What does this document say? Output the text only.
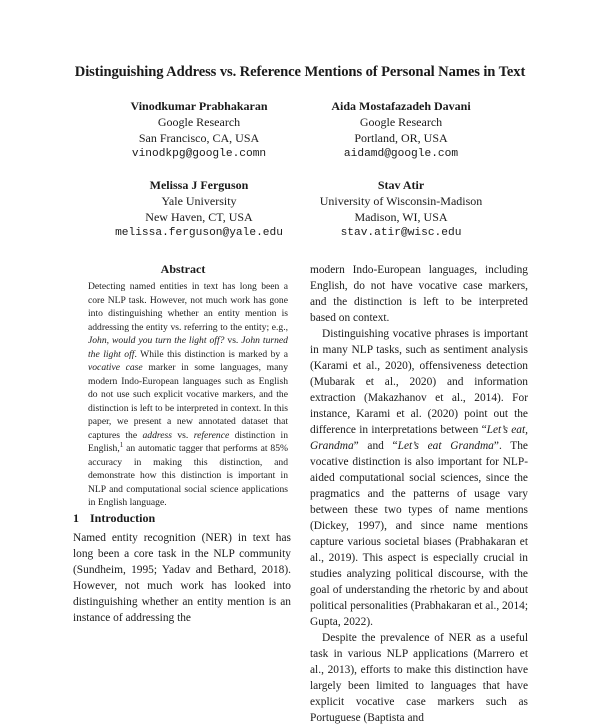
Distinguishing Address vs. Reference Mentions of Personal Names in Text
Vinodkumar Prabhakaran
Google Research
San Francisco, CA, USA
vinodkpg@google.comn
Aida Mostafazadeh Davani
Google Research
Portland, OR, USA
aidamd@google.com
Melissa J Ferguson
Yale University
New Haven, CT, USA
melissa.ferguson@yale.edu
Stav Atir
University of Wisconsin-Madison
Madison, WI, USA
stav.atir@wisc.edu
Abstract
Detecting named entities in text has long been a core NLP task. However, not much work has gone into distinguishing whether an entity mention is addressing the entity vs. referring to the entity; e.g., John, would you turn the light off? vs. John turned the light off. While this distinction is marked by a vocative case marker in some languages, many modern Indo-European languages such as English do not use such explicit vocative markers, and the distinction is left to be interpreted in context. In this paper, we present a new annotated dataset that captures the address vs. reference distinction in English,$^1$ an automatic tagger that performs at 85% accuracy in making this distinction, and demonstrate how this distinction is important in NLP and computational social science applications in English language.
1 Introduction
Named entity recognition (NER) in text has long been a core task in the NLP community (Sundheim, 1995; Yadav and Bethard, 2018). However, not much work has looked into distinguishing whether an entity mention is an instance of addressing the

modern Indo-European languages, including English, do not have vocative case markers, and the distinction is left to be interpreted based on context.

Distinguishing vocative phrases is important in many NLP tasks, such as sentiment analysis (Karami et al., 2020), offensiveness detection (Mubarak et al., 2020) and information extraction (Makazhanov et al., 2014). For instance, Karami et al. (2020) point out the difference in interpretations between “Let’s eat, Grandma” and “Let’s eat Grandma”. The vocative distinction is also important for NLP-aided computational social sciences, since the pragmatics and the patterns of usage vary between these two types of name mentions (Dickey, 1997), and since name mentions capture various societal biases (Prabhakaran et al., 2019). This aspect is especially crucial in studies analyzing political discourse, with the goal of understanding the rhetoric by and about political personalities (Prabhakaran et al., 2014; Gupta, 2022).

Despite the prevalence of NER as a useful task in various NLP applications (Marrero et al., 2013), efforts to make this distinction have largely been limited to languages that have explicit vocative case markers such as Portuguese (Baptista and
